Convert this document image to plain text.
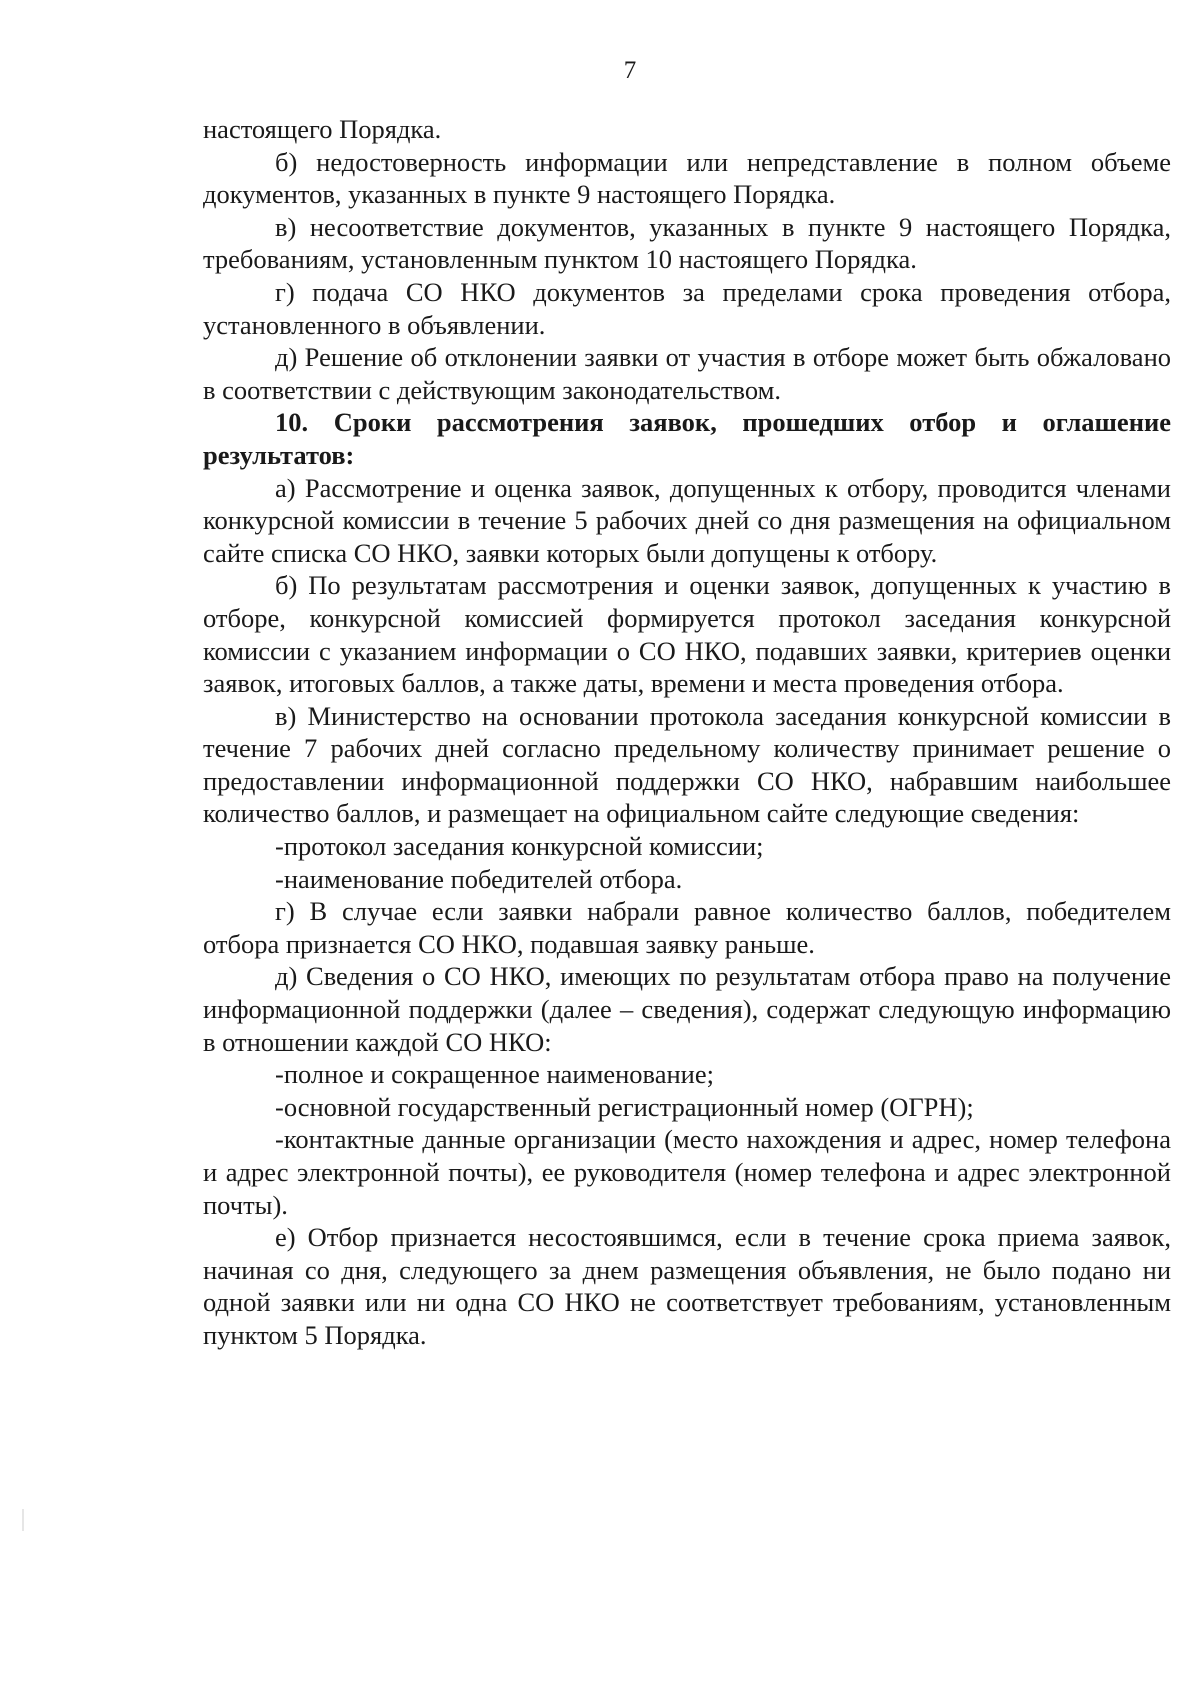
7

настоящего Порядка.

б) недостоверность информации или непредставление в полном объеме документов, указанных в пункте 9 настоящего Порядка.

в) несоответствие документов, указанных в пункте 9 настоящего Порядка, требованиям, установленным пунктом 10 настоящего Порядка.

г) подача СО НКО документов за пределами срока проведения отбора, установленного в объявлении.

д) Решение об отклонении заявки от участия в отборе может быть обжаловано в соответствии с действующим законодательством.

10. Сроки рассмотрения заявок, прошедших отбор и оглашение результатов:

а) Рассмотрение и оценка заявок, допущенных к отбору, проводится членами конкурсной комиссии в течение 5 рабочих дней со дня размещения на официальном сайте списка СО НКО, заявки которых были допущены к отбору.

б) По результатам рассмотрения и оценки заявок, допущенных к участию в отборе, конкурсной комиссией формируется протокол заседания конкурсной комиссии с указанием информации о СО НКО, подавших заявки, критериев оценки заявок, итоговых баллов, а также даты, времени и места проведения отбора.

в) Министерство на основании протокола заседания конкурсной комиссии в течение 7 рабочих дней согласно предельному количеству принимает решение о предоставлении информационной поддержки СО НКО, набравшим наибольшее количество баллов, и размещает на официальном сайте следующие сведения:

-протокол заседания конкурсной комиссии;

-наименование победителей отбора.

г) В случае если заявки набрали равное количество баллов, победителем отбора признается СО НКО, подавшая заявку раньше.

д) Сведения о СО НКО, имеющих по результатам отбора право на получение информационной поддержки (далее – сведения), содержат следующую информацию в отношении каждой СО НКО:

-полное и сокращенное наименование;

-основной государственный регистрационный номер (ОГРН);

-контактные данные организации (место нахождения и адрес, номер телефона и адрес электронной почты), ее руководителя (номер телефона и адрес электронной почты).

е) Отбор признается несостоявшимся, если в течение срока приема заявок, начиная со дня, следующего за днем размещения объявления, не было подано ни одной заявки или ни одна СО НКО не соответствует требованиям, установленным пунктом 5 Порядка.
